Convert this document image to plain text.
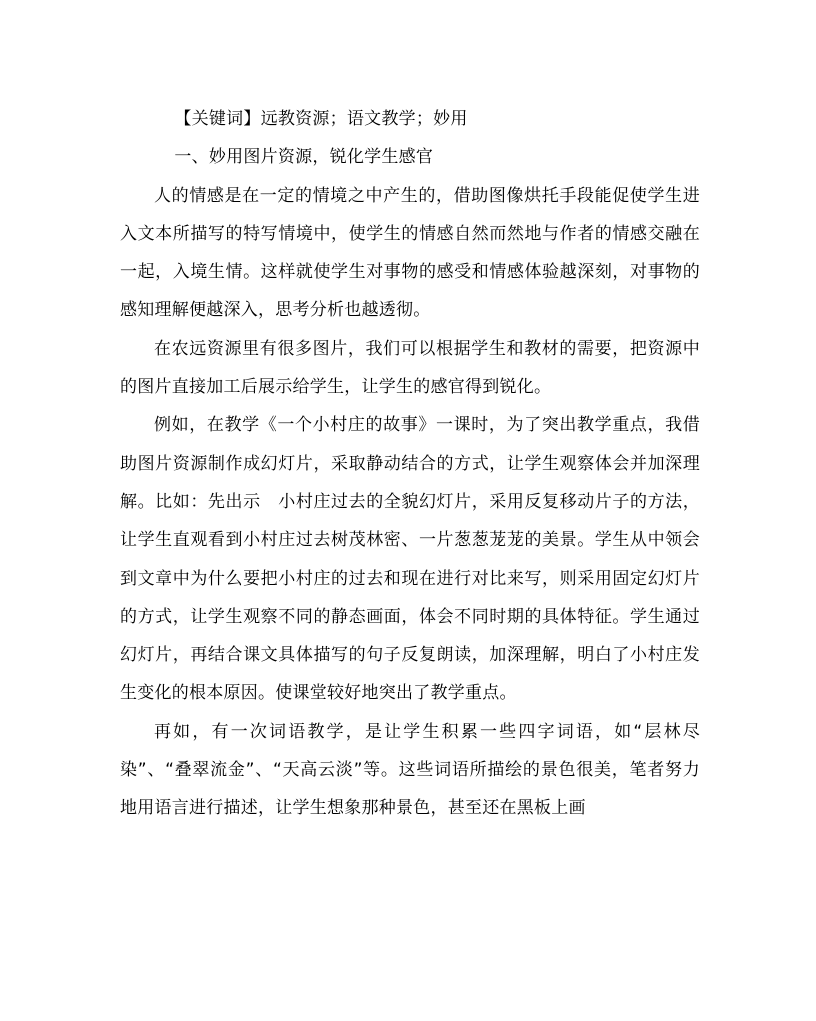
【关键词】远教资源；语文教学；妙用

一、妙用图片资源，锐化学生感官

人的情感是在一定的情境之中产生的，借助图像烘托手段能促使学生进入文本所描写的特写情境中，使学生的情感自然而然地与作者的情感交融在一起，入境生情。这样就使学生对事物的感受和情感体验越深刻，对事物的感知理解便越深入，思考分析也越透彻。

在农远资源里有很多图片，我们可以根据学生和教材的需要，把资源中的图片直接加工后展示给学生，让学生的感官得到锐化。

例如，在教学《一个小村庄的故事》一课时，为了突出教学重点，我借助图片资源制作成幻灯片，采取静动结合的方式，让学生观察体会并加深理解。比如：先出示　小村庄过去的全貌幻灯片，采用反复移动片子的方法，让学生直观看到小村庄过去树茂林密、一片葱葱茏茏的美景。学生从中领会到文章中为什么要把小村庄的过去和现在进行对比来写，则采用固定幻灯片的方式，让学生观察不同的静态画面，体会不同时期的具体特征。学生通过幻灯片，再结合课文具体描写的句子反复朗读，加深理解，明白了小村庄发生变化的根本原因。使课堂较好地突出了教学重点。

再如，有一次词语教学，是让学生积累一些四字词语，如“层林尽染”、“叠翠流金”、“天高云淡”等。这些词语所描绘的景色很美，笔者努力地用语言进行描述，让学生想象那种景色，甚至还在黑板上画
